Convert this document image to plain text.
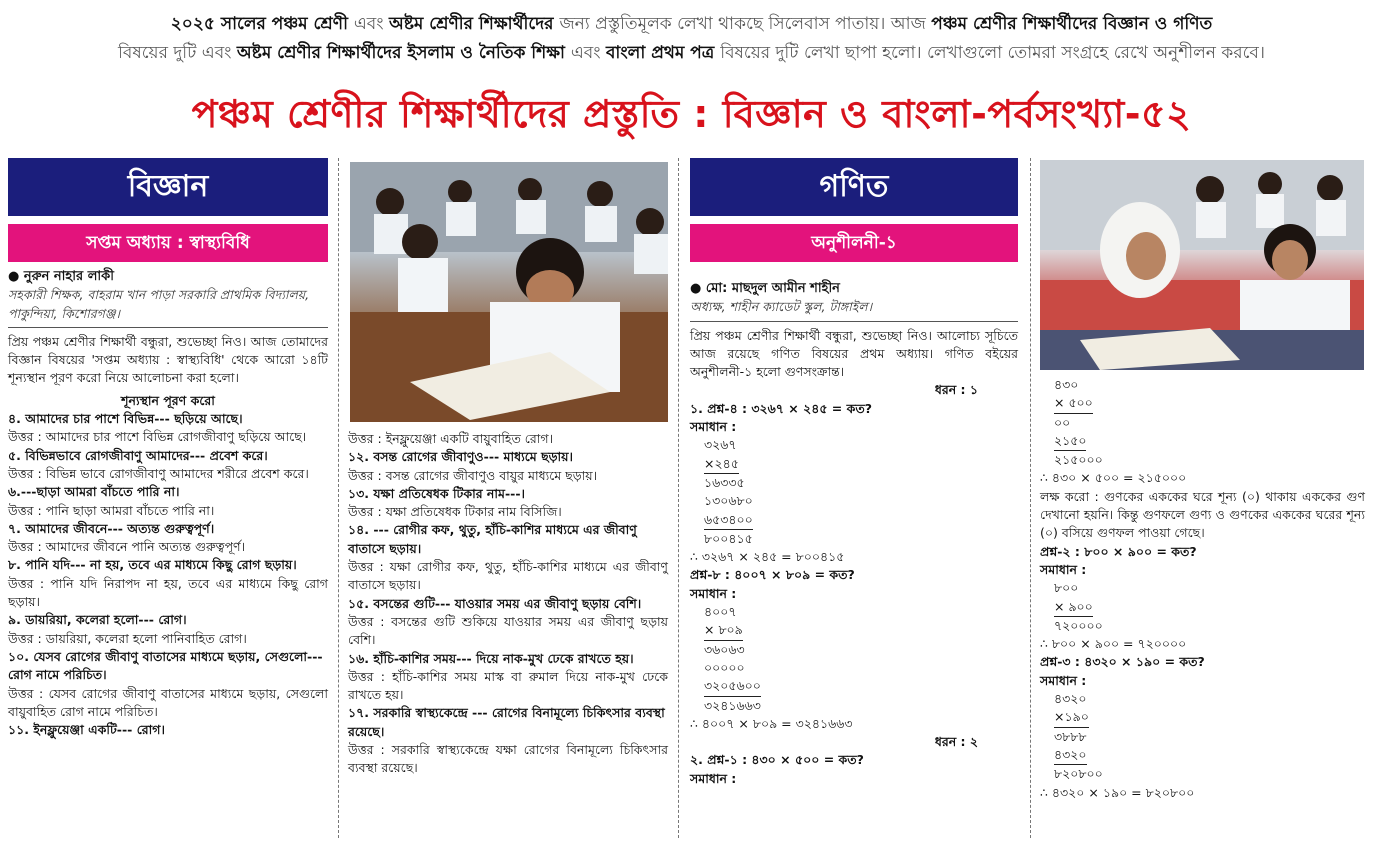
২০২৫ সালের পঞ্চম শ্রেণী এবং অষ্টম শ্রেণীর শিক্ষার্থীদের জন্য প্রস্তুতিমূলক লেখা থাকছে সিলেবাস পাতায়। আজ পঞ্চম শ্রেণীর শিক্ষার্থীদের বিজ্ঞান ও গণিত
বিষয়ের দুটি এবং অষ্টম শ্রেণীর শিক্ষার্থীদের ইসলাম ও নৈতিক শিক্ষা এবং বাংলা প্রথম পত্র বিষয়ের দুটি লেখা ছাপা হলো। লেখাগুলো তোমরা সংগ্রহে রেখে অনুশীলন করবে।
পঞ্চম শ্রেণীর শিক্ষার্থীদের প্রস্তুতি : বিজ্ঞান ও বাংলা-পর্বসংখ্যা-৫২
বিজ্ঞান
সপ্তম অধ্যায় : স্বাস্থ্যবিধি
● নুরুন নাহার লাকী
সহকারী শিক্ষক, বাহরাম খান পাড়া সরকারি প্রাথমিক বিদ্যালয়, পাকুন্দিয়া, কিশোরগঞ্জ।
প্রিয় পঞ্চম শ্রেণীর শিক্ষার্থী বন্ধুরা, শুভেচ্ছা নিও। আজ তোমাদের বিজ্ঞান বিষয়ের 'সপ্তম অধ্যায় : স্বাস্থ্যবিধি' থেকে আরো ১৪টি শূন্যস্থান পূরণ করো নিয়ে আলোচনা করা হলো।
শূন্যস্থান পূরণ করো
৪. আমাদের চার পাশে বিভিন্ন--- ছড়িয়ে আছে।
উত্তর : আমাদের চার পাশে বিভিন্ন রোগজীবাণু ছড়িয়ে আছে।
৫. বিভিন্নভাবে রোগজীবাণু আমাদের--- প্রবেশ করে।
উত্তর : বিভিন্ন ভাবে রোগজীবাণু আমাদের শরীরে প্রবেশ করে।
৬.---ছাড়া আমরা বাঁচতে পারি না।
উত্তর : পানি ছাড়া আমরা বাঁচতে পারি না।
৭. আমাদের জীবনে--- অত্যন্ত গুরুত্বপূর্ণ।
উত্তর : আমাদের জীবনে পানি অত্যন্ত গুরুত্বপূর্ণ।
৮. পানি যদি--- না হয়, তবে এর মাধ্যমে কিছু রোগ ছড়ায়।
উত্তর : পানি যদি নিরাপদ না হয়, তবে এর মাধ্যমে কিছু রোগ ছড়ায়।
৯. ডায়রিয়া, কলেরা হলো--- রোগ।
উত্তর : ডায়রিয়া, কলেরা হলো পানিবাহিত রোগ।
১০. যেসব রোগের জীবাণু বাতাসের মাধ্যমে ছড়ায়, সেগুলো--- রোগ নামে পরিচিত।
উত্তর : যেসব রোগের জীবাণু বাতাসের মাধ্যমে ছড়ায়, সেগুলো বায়ুবাহিত রোগ নামে পরিচিত।
১১. ইনফ্লুয়েঞ্জা একটি--- রোগ।
উত্তর : ইনফ্লুয়েঞ্জা একটি বায়ুবাহিত রোগ।
১২. বসন্ত রোগের জীবাণুও--- মাধ্যমে ছড়ায়।
উত্তর : বসন্ত রোগের জীবাণুও বায়ুর মাধ্যমে ছড়ায়।
১৩. যক্ষা প্রতিষেধক টিকার নাম---।
উত্তর : যক্ষা প্রতিষেধক টিকার নাম বিসিজি।
১৪. --- রোগীর কফ, থুতু, হাঁচি-কাশির মাধ্যমে এর জীবাণু বাতাসে ছড়ায়।
উত্তর : যক্ষা রোগীর কফ, থুতু, হাঁচি-কাশির মাধ্যমে এর জীবাণু বাতাসে ছড়ায়।
১৫. বসন্তের গুটি--- যাওয়ার সময় এর জীবাণু ছড়ায় বেশি।
উত্তর : বসন্তের গুটি শুকিয়ে যাওয়ার সময় এর জীবাণু ছড়ায় বেশি।
১৬. হাঁচি-কাশির সময়--- দিয়ে নাক-মুখ ঢেকে রাখতে হয়।
উত্তর : হাঁচি-কাশির সময় মাস্ক বা রুমাল দিয়ে নাক-মুখ ঢেকে রাখতে হয়।
১৭. সরকারি স্বাস্থ্যকেন্দ্রে --- রোগের বিনামূল্যে চিকিৎসার ব্যবস্থা রয়েছে।
উত্তর : সরকারি স্বাস্থ্যকেন্দ্রে যক্ষা রোগের বিনামূল্যে চিকিৎসার ব্যবস্থা রয়েছে।
গণিত
অনুশীলনী-১
● মো: মাছদুল আমীন শাহীন
অধ্যক্ষ, শাহীন ক্যাডেট স্কুল, টাঙ্গাইল।
প্রিয় পঞ্চম শ্রেণীর শিক্ষার্থী বন্ধুরা, শুভেচ্ছা নিও। আলোচ্য সূচিতে আজ রয়েছে গণিত বিষয়ের প্রথম অধ্যায়। গণিত বইয়ের অনুশীলনী-১ হলো গুণসংক্রান্ত।
ধরন : ১
১. প্রশ্ন-৪ : ৩২৬৭ × ২৪৫ = কত?
সমাধান :
৩২৬৭
×২৪৫
১৬৩৩৫
১৩০৬৮০
৬৫৩৪০০
৮০০৪১৫
∴ ৩২৬৭ × ২৪৫ = ৮০০৪১৫
প্রশ্ন-৮ : ৪০০৭ × ৮০৯ = কত?
সমাধান :
৪০০৭
× ৮০৯
৩৬০৬৩
০০০০০
৩২০৫৬০০
৩২৪১৬৬৩
∴ ৪০০৭ × ৮০৯ = ৩২৪১৬৬৩
ধরন : ২
২. প্রশ্ন-১ : ৪৩০ × ৫০০ = কত?
সমাধান :
৪৩০
× ৫০০
০০
২১৫০
২১৫০০০
∴ ৪৩০ × ৫০০ = ২১৫০০০
লক্ষ করো : গুণকের এককের ঘরে শূন্য (০) থাকায় এককের গুণ দেখানো হয়নি। কিন্তু গুণফলে গুণ্য ও গুণকের এককের ঘরের শূন্য (০) বসিয়ে গুণফল পাওয়া গেছে।
প্রশ্ন-২ : ৮০০ × ৯০০ = কত?
সমাধান :
৮০০
× ৯০০
৭২০০০০
∴ ৮০০ × ৯০০ = ৭২০০০০
প্রশ্ন-৩ : ৪৩২০ × ১৯০ = কত?
সমাধান :
৪৩২০
×১৯০
৩৮৮৮
৪৩২০
৮২০৮০০
∴ ৪৩২০ × ১৯০ = ৮২০৮০০
